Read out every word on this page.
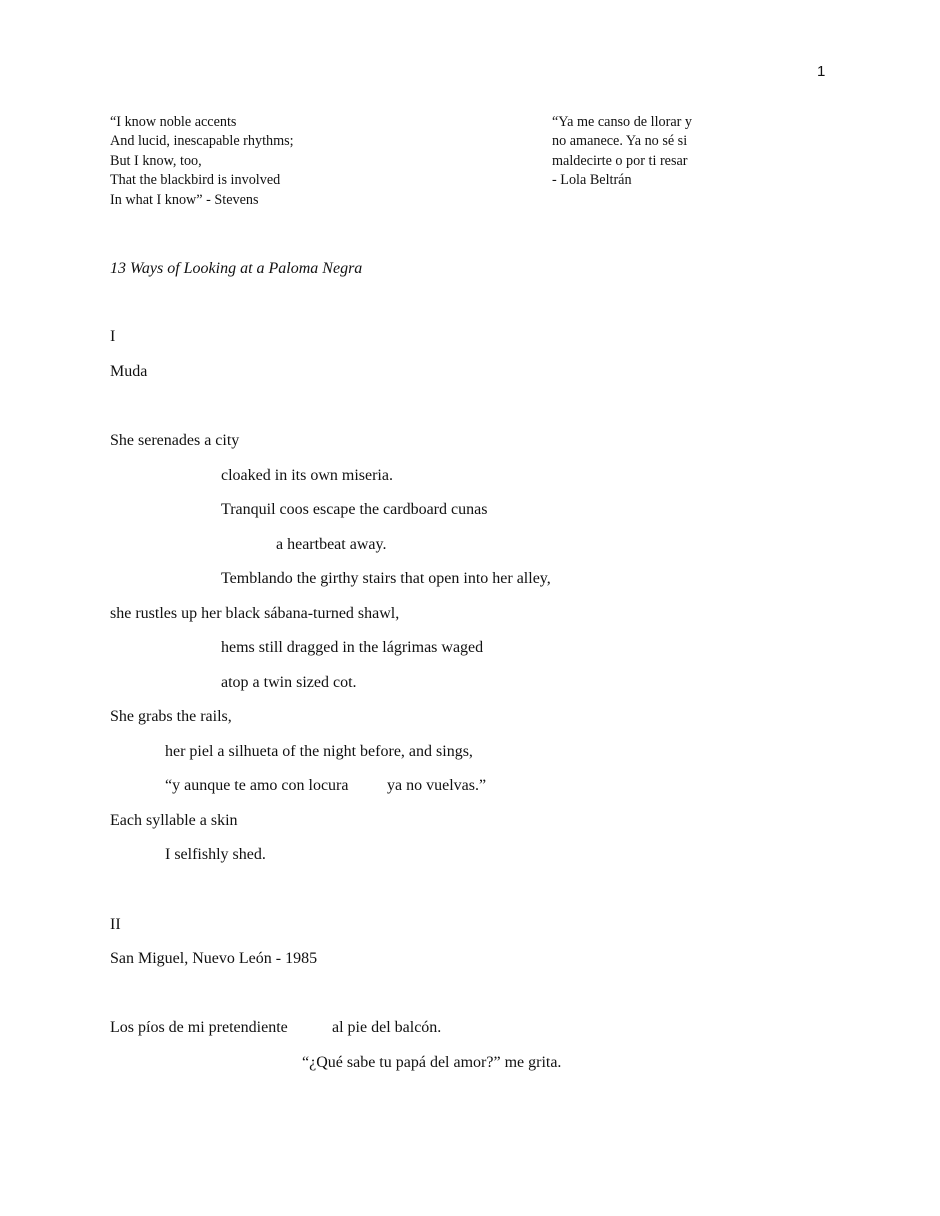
1
“I know noble accents
And lucid, inescapable rhythms;
But I know, too,
That the blackbird is involved
In what I know” - Stevens
“Ya me canso de llorar y
no amanece. Ya no sé si
maldecirte o por ti resar
- Lola Beltrán
13 Ways of Looking at a Paloma Negra
I
Muda
She serenades a city
cloaked in its own miseria.
Tranquil coos escape the cardboard cunas
a heartbeat away.
Temblando the girthy stairs that open into her alley,
she rustles up her black sábana-turned shawl,
hems still dragged in the lágrimas waged
atop a twin sized cot.
She grabs the rails,
her piel a silhueta of the night before, and sings,
“y aunque te amo con locura ya no vuelvas.”
Each syllable a skin
I selfishly shed.
II
San Miguel, Nuevo León - 1985
Los píos de mi pretendiente	al pie del balcón.
“¿Qué sabe tu papá del amor?” me grita.
